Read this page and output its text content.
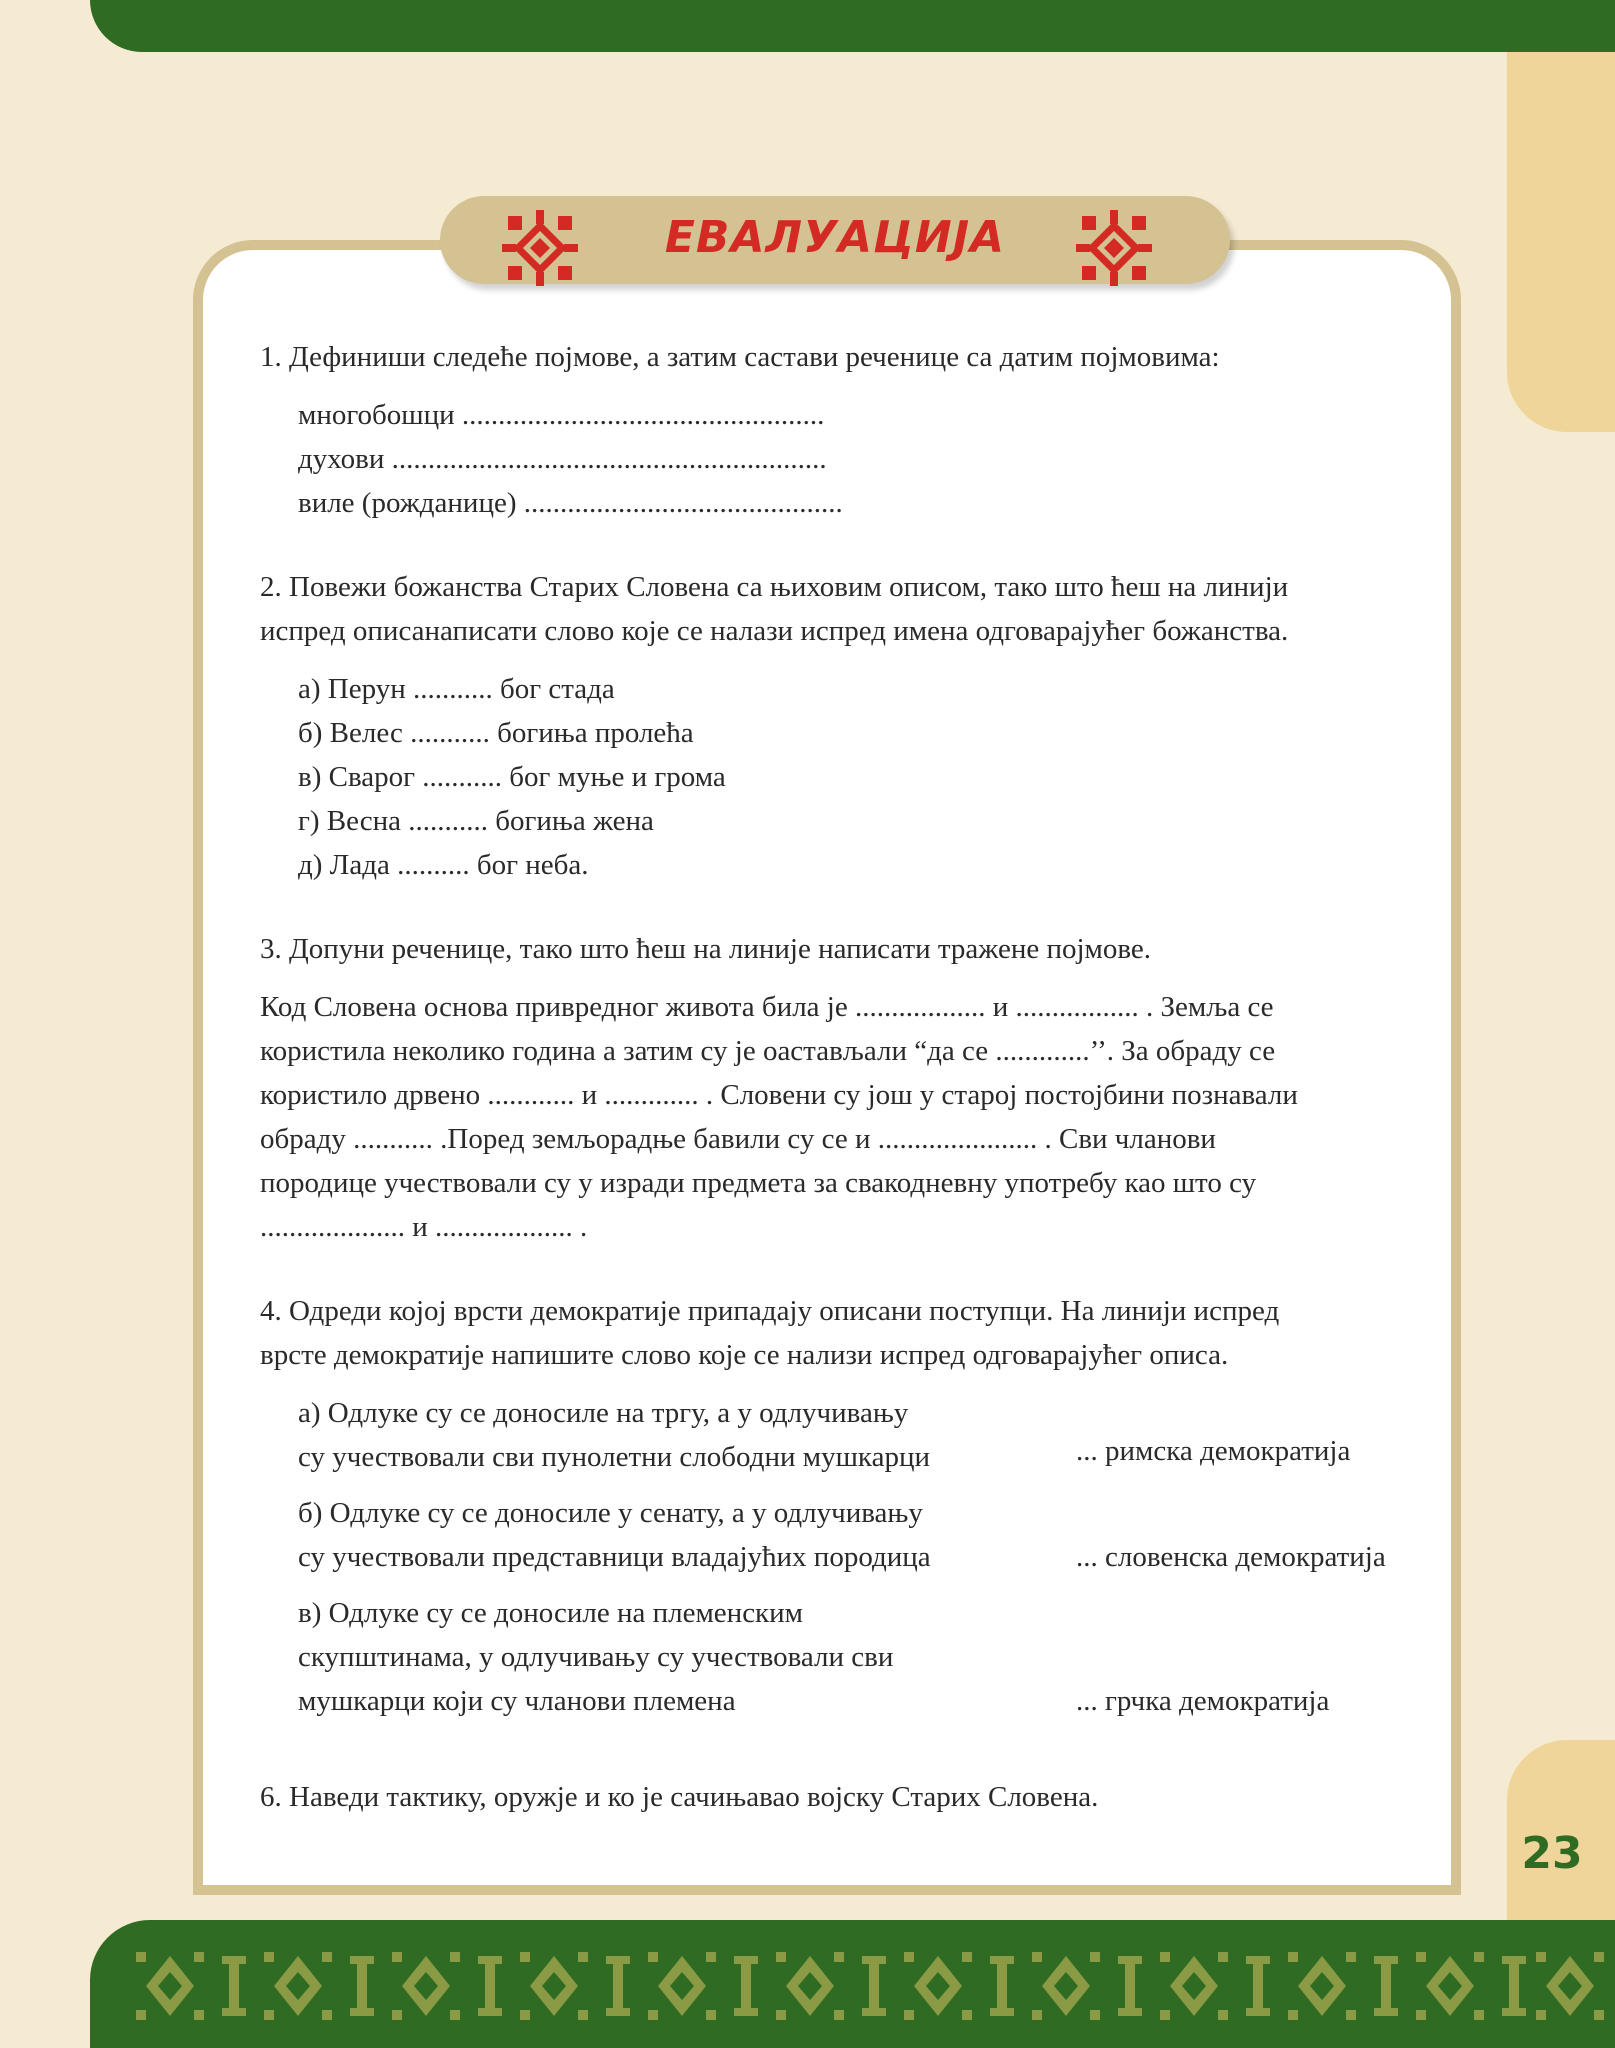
23
ЕВАЛУАЦИЈА

1. Дефиниши следеће појмове, а затим састави реченице са датим појмовима:

многобошци ..................................................

духови ............................................................

виле (рожданице) ............................................

2. Повежи божанства Старих Словена са њиховим описом, тако што ћеш на линији

испред описанаписати слово које се налази испред имена одговарајућег божанства.

а) Перун ........... бог стада

б) Велес ........... богиња пролећа

в) Сварог ........... бог муње и грома

г) Весна ........... богиња жена

д) Лада .......... бог неба.

3. Допуни реченице, тако што ћеш на линије написати тражене појмове.

Код Словена основа привредног живота била је .................. и ................. . Земља се

користила неколико година а затим су је оастављали “да се .............’’. За обраду се

користило дрвено ............ и ............. . Словени су још у старој постојбини познавали

обраду ........... .Поред земљорадње бавили су се и ...................... . Сви чланови

породице учествовали су у изради предмета за свакодневну употребу као што су

.................... и ................... .

4. Одреди којој врсти демократије припадају описани поступци. На линији испред

врсте демократије напишите слово које се нализи испред одговарајућег описа.

а) Одлуке су се доносиле на тргу, а у одлучивању

су учествовали сви пунолетни слободни мушкарци	... римска демократија

б) Одлуке су се доносиле у сенату, а у одлучивању

су учествовали представници владајућих породица	... словенска демократија

в) Одлуке су се доносиле на племенским

скупштинама, у одлучивању су учествовали сви

мушкарци који су чланови племена	... грчка демократија

6. Наведи тактику, оружје и ко је сачињавао војску Старих Словена.
